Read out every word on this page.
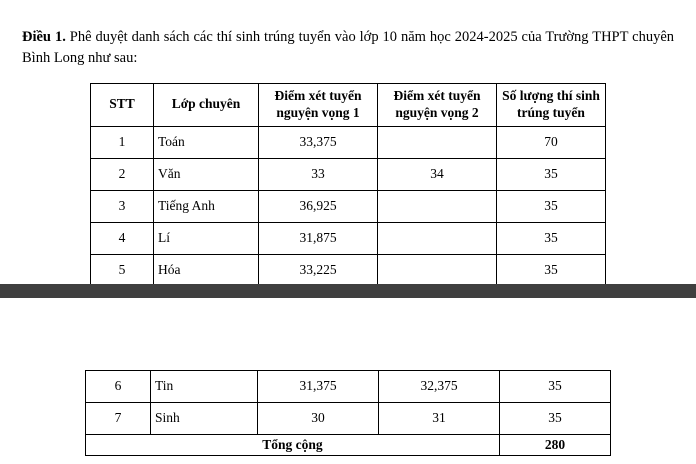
Điều 1. Phê duyệt danh sách các thí sinh trúng tuyển vào lớp 10 năm học 2024-2025 của Trường THPT chuyên Bình Long như sau:

STT	Lớp chuyên	Điểm xét tuyển nguyện vọng 1	Điểm xét tuyển nguyện vọng 2	Số lượng thí sinh trúng tuyển
1	Toán	33,375		70
2	Văn	33	34	35
3	Tiếng Anh	36,925		35
4	Lí	31,875		35
5	Hóa	33,225		35
6	Tin	31,375	32,375	35
7	Sinh	30	31	35
Tổng cộng				280
